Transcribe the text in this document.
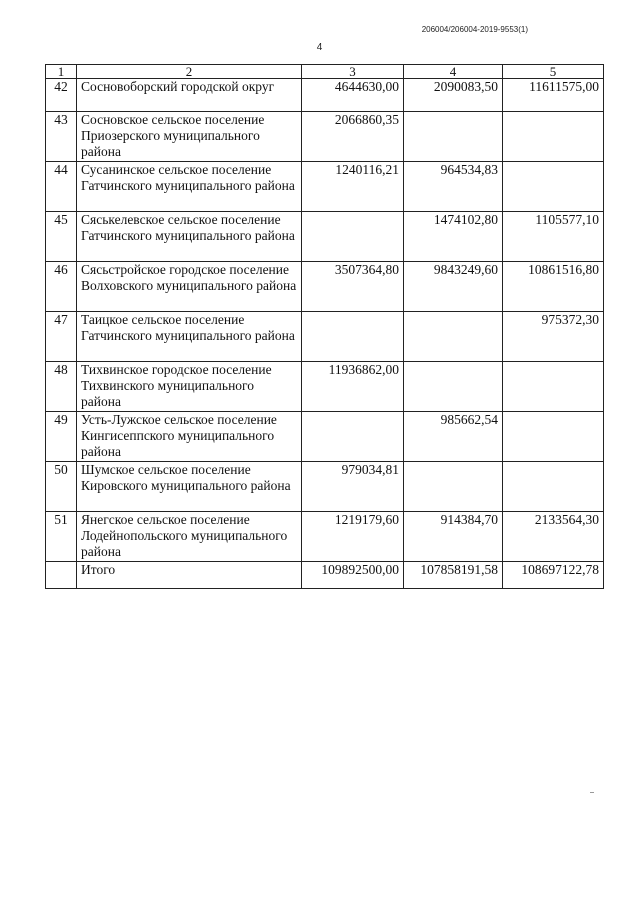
206004/206004-2019-9553(1)
4
1	2	3	4	5
42	Сосновоборский городской округ	4644630,00	2090083,50	11611575,00
43	Сосновское сельское поселение Приозерского муниципального района	2066860,35		
44	Сусанинское сельское поселение Гатчинского муниципального района	1240116,21	964534,83	
45	Сяськелевское сельское поселение Гатчинского муниципального района		1474102,80	1105577,10
46	Сясьстройское городское поселение Волховского муниципального района	3507364,80	9843249,60	10861516,80
47	Таицкое сельское поселение Гатчинского муниципального района			975372,30
48	Тихвинское городское поселение Тихвинского муниципального района	11936862,00		
49	Усть-Лужское сельское поселение Кингисеппского муниципального района		985662,54	
50	Шумское сельское поселение Кировского муниципального района	979034,81		
51	Янегское сельское поселение Лодейнопольского муниципального района	1219179,60	914384,70	2133564,30
	Итого	109892500,00	107858191,58	108697122,78
